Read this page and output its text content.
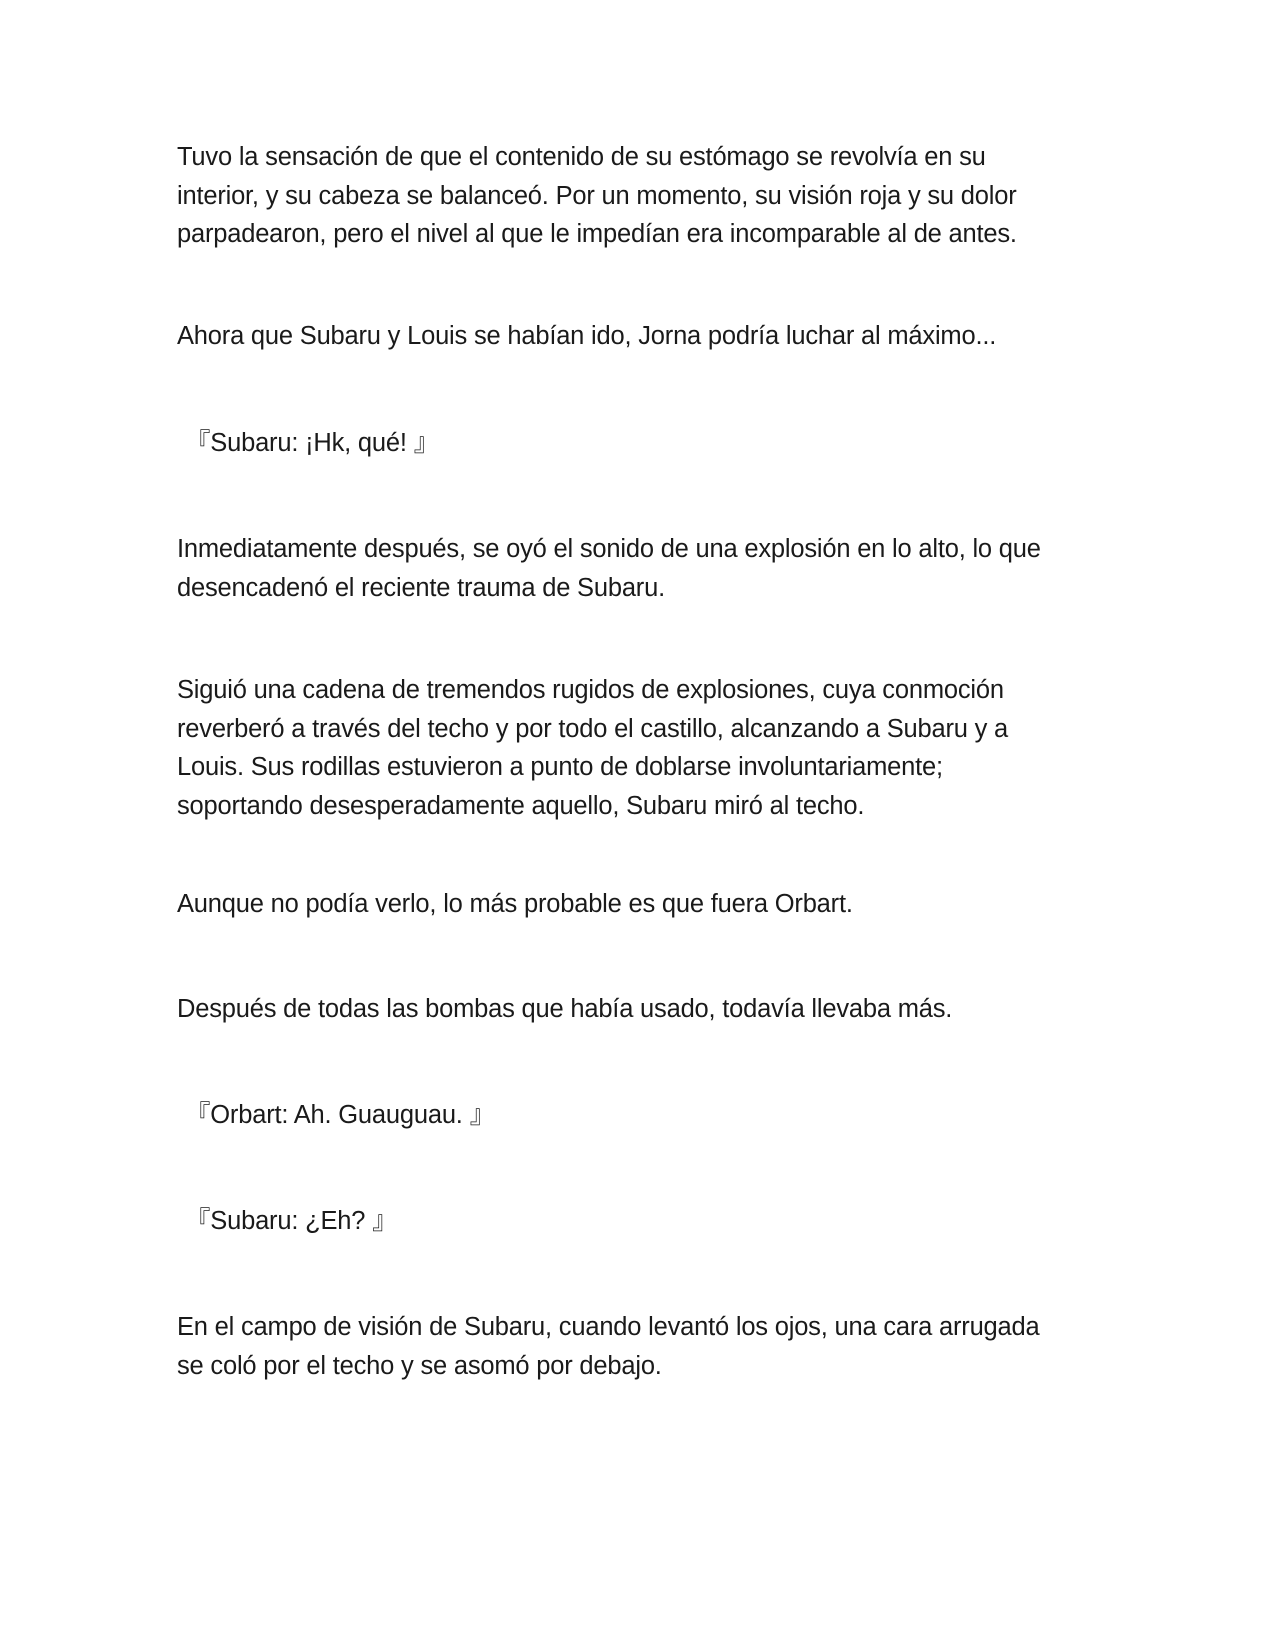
Tuvo la sensación de que el contenido de su estómago se revolvía en su
interior, y su cabeza se balanceó. Por un momento, su visión roja y su dolor
parpadearon, pero el nivel al que le impedían era incomparable al de antes.

Ahora que Subaru y Louis se habían ido, Jorna podría luchar al máximo...

『Subaru: ¡Hk, qué! 』

Inmediatamente después, se oyó el sonido de una explosión en lo alto, lo que
desencadenó el reciente trauma de Subaru.

Siguió una cadena de tremendos rugidos de explosiones, cuya conmoción
reverberó a través del techo y por todo el castillo, alcanzando a Subaru y a
Louis. Sus rodillas estuvieron a punto de doblarse involuntariamente;
soportando desesperadamente aquello, Subaru miró al techo.

Aunque no podía verlo, lo más probable es que fuera Orbart.

Después de todas las bombas que había usado, todavía llevaba más.

『Orbart: Ah. Guauguau. 』

『Subaru: ¿Eh? 』

En el campo de visión de Subaru, cuando levantó los ojos, una cara arrugada
se coló por el techo y se asomó por debajo.
